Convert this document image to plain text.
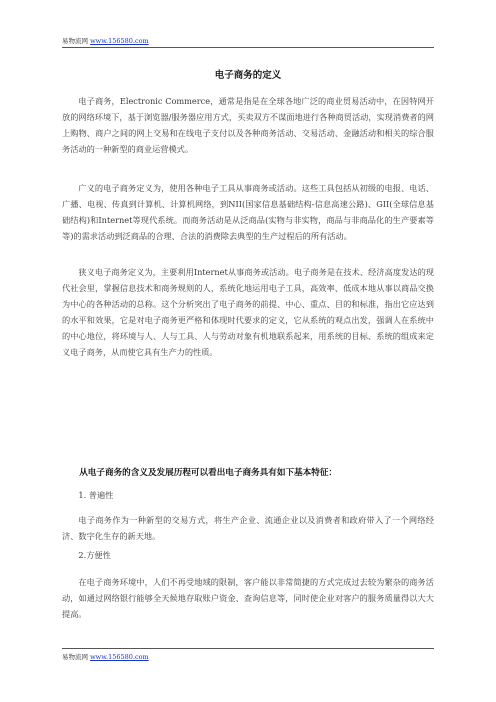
易物流网 www.156580.com
电子商务的定义

电子商务，Electronic Commerce，通常是指是在全球各地广泛的商业贸易活动中，在因特网开放的网络环境下，基于浏览器/服务器应用方式，买卖双方不谋面地进行各种商贸活动，实现消费者的网上购物、商户之间的网上交易和在线电子支付以及各种商务活动、交易活动、金融活动和相关的综合服务活动的一种新型的商业运营模式。

广义的电子商务定义为，使用各种电子工具从事商务或活动。这些工具包括从初级的电报、电话、广播、电视、传真到计算机、计算机网络，到NII(国家信息基础结构-信息高速公路)、GII(全球信息基础结构)和Internet等现代系统。而商务活动是从泛商品(实物与非实物，商品与非商品化的生产要素等等)的需求活动到泛商品的合理、合法的消费除去典型的生产过程后的所有活动。

狭义电子商务定义为，主要利用Internet从事商务或活动。电子商务是在技术、经济高度发达的现代社会里，掌握信息技术和商务规则的人，系统化地运用电子工具，高效率、低成本地从事以商品交换为中心的各种活动的总称。这个分析突出了电子商务的前提、中心、重点、目的和标准，指出它应达到的水平和效果，它是对电子商务更严格和体现时代要求的定义，它从系统的观点出发，强调人在系统中的中心地位，将环境与人、人与工具、人与劳动对象有机地联系起来，用系统的目标、系统的组成来定义电子商务，从而使它具有生产力的性质。

从电子商务的含义及发展历程可以看出电子商务具有如下基本特征：
1. 普遍性

电子商务作为一种新型的交易方式，将生产企业、流通企业以及消费者和政府带入了一个网络经济、数字化生存的新天地。

2.方便性

在电子商务环境中，人们不再受地域的限制，客户能以非常简捷的方式完成过去较为繁杂的商务活动，如通过网络银行能够全天候地存取账户资金、查询信息等，同时使企业对客户的服务质量得以大大提高。

易物流网 www.156580.com
